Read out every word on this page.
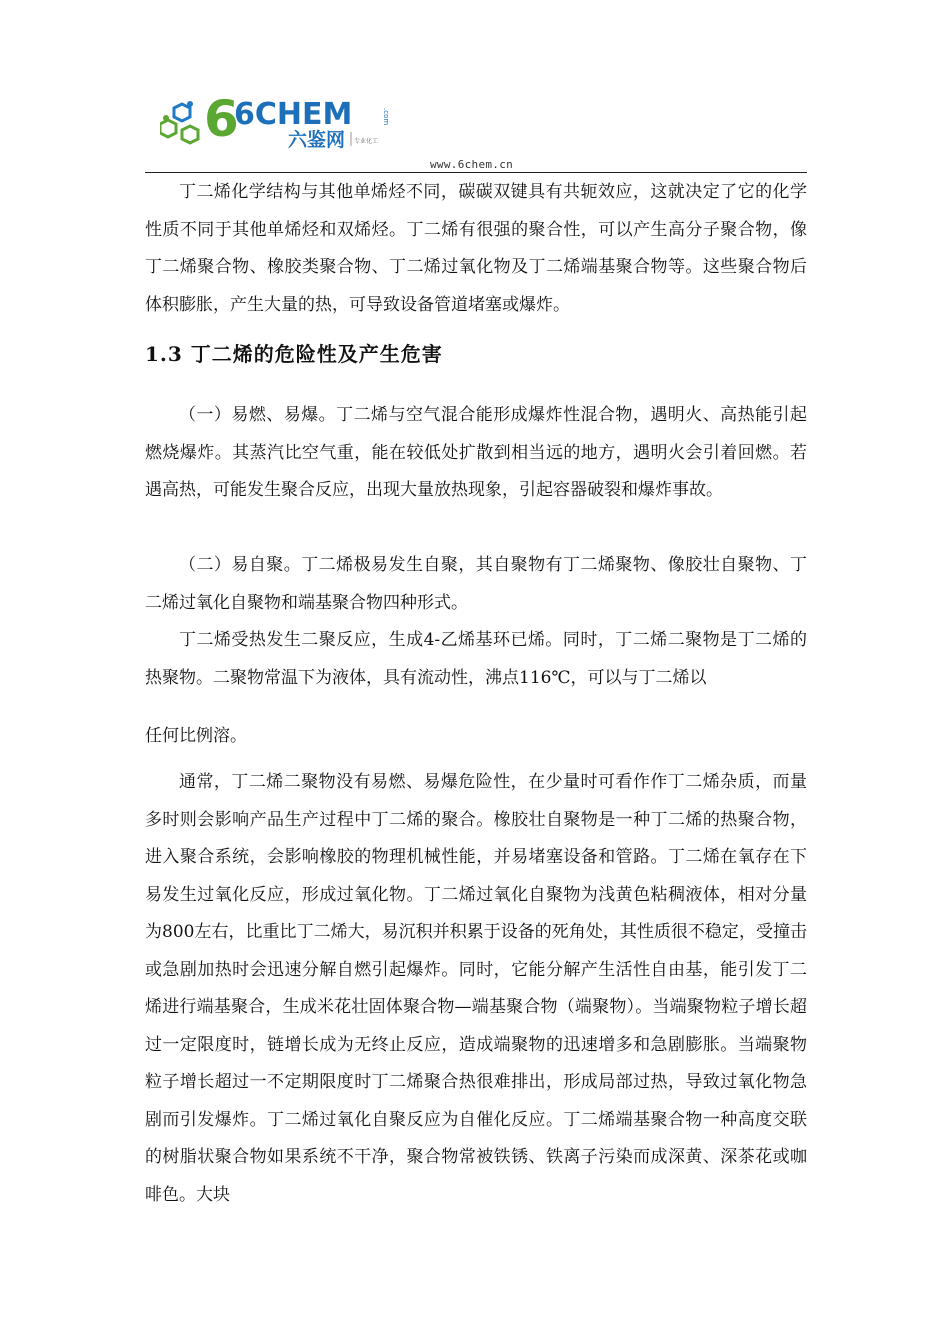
6
6CHEM
六鉴网 专业化工
.com
www.6chem.cn

丁二烯化学结构与其他单烯烃不同，碳碳双键具有共轭效应，这就决定了它的化学性质不同于其他单烯烃和双烯烃。丁二烯有很强的聚合性，可以产生高分子聚合物，像丁二烯聚合物、橡胶类聚合物、丁二烯过氧化物及丁二烯端基聚合物等。这些聚合物后体积膨胀，产生大量的热，可导致设备管道堵塞或爆炸。

1.3 丁二烯的危险性及产生危害

（一）易燃、易爆。丁二烯与空气混合能形成爆炸性混合物，遇明火、高热能引起燃烧爆炸。其蒸汽比空气重，能在较低处扩散到相当远的地方，遇明火会引着回燃。若遇高热，可能发生聚合反应，出现大量放热现象，引起容器破裂和爆炸事故。

（二）易自聚。丁二烯极易发生自聚，其自聚物有丁二烯聚物、像胶壮自聚物、丁二烯过氧化自聚物和端基聚合物四种形式。

丁二烯受热发生二聚反应，生成4-乙烯基环已烯。同时，丁二烯二聚物是丁二烯的热聚物。二聚物常温下为液体，具有流动性，沸点116℃，可以与丁二烯以

任何比例溶。

通常，丁二烯二聚物没有易燃、易爆危险性，在少量时可看作作丁二烯杂质，而量多时则会影响产品生产过程中丁二烯的聚合。橡胶壮自聚物是一种丁二烯的热聚合物，进入聚合系统，会影响橡胶的物理机械性能，并易堵塞设备和管路。丁二烯在氧存在下易发生过氧化反应，形成过氧化物。丁二烯过氧化自聚物为浅黄色粘稠液体，相对分量为800左右，比重比丁二烯大，易沉积并积累于设备的死角处，其性质很不稳定，受撞击或急剧加热时会迅速分解自燃引起爆炸。同时，它能分解产生活性自由基，能引发丁二烯进行端基聚合，生成米花壮固体聚合物—端基聚合物（端聚物）。当端聚物粒子增长超过一定限度时，链增长成为无终止反应，造成端聚物的迅速增多和急剧膨胀。当端聚物粒子增长超过一不定期限度时丁二烯聚合热很难排出，形成局部过热，导致过氧化物急剧而引发爆炸。丁二烯过氧化自聚反应为自催化反应。丁二烯端基聚合物一种高度交联的树脂状聚合物如果系统不干净，聚合物常被铁锈、铁离子污染而成深黄、深茶花或咖啡色。大块
